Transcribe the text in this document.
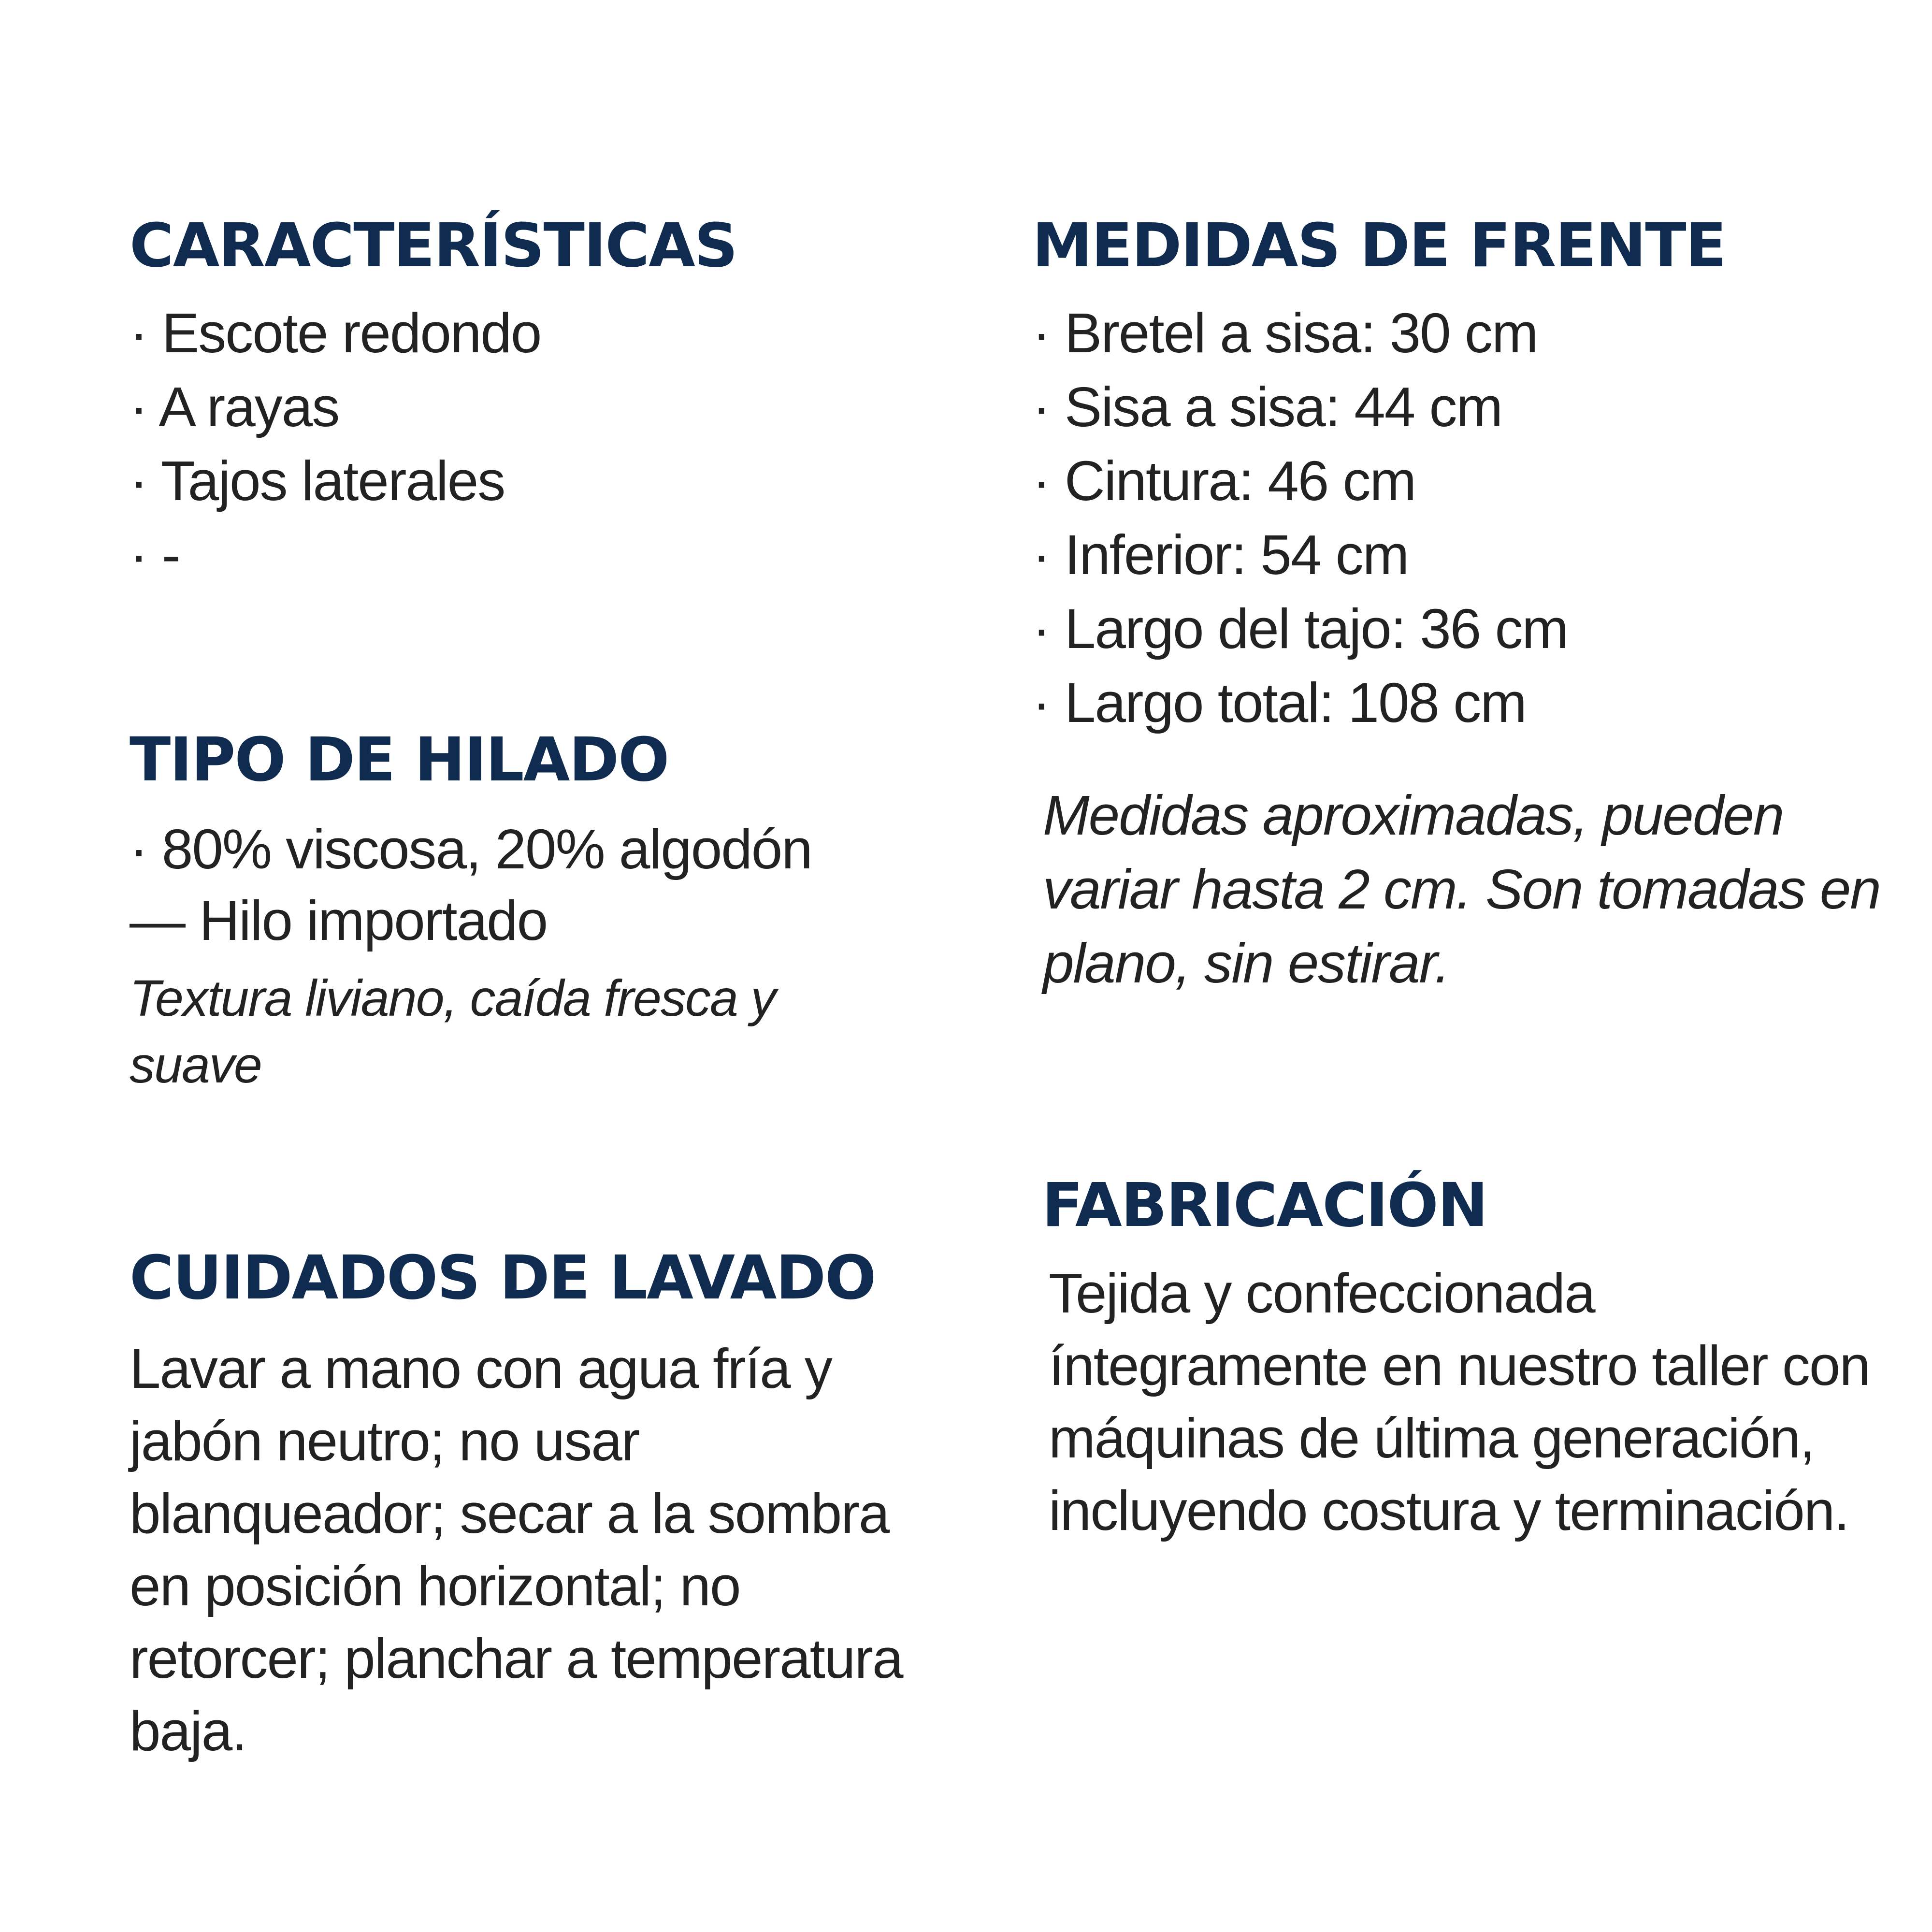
CARACTERÍSTICAS
· Escote redondo
· A rayas
· Tajos laterales
· -
TIPO DE HILADO
· 80% viscosa, 20% algodón
— Hilo importado

Textura liviano, caída fresca y suave

CUIDADOS DE LAVADO

Lavar a mano con agua fría y jabón neutro; no usar blanqueador; secar a la sombra en posición horizontal; no retorcer; planchar a temperatura baja.

MEDIDAS DE FRENTE
· Bretel a sisa: 30 cm
· Sisa a sisa: 44 cm
· Cintura: 46 cm
· Inferior: 54 cm
· Largo del tajo: 36 cm
· Largo total: 108 cm

Medidas aproximadas, pueden variar hasta 2 cm. Son tomadas en plano, sin estirar.

FABRICACIÓN

Tejida y confeccionada íntegramente en nuestro taller con máquinas de última generación, incluyendo costura y terminación.
